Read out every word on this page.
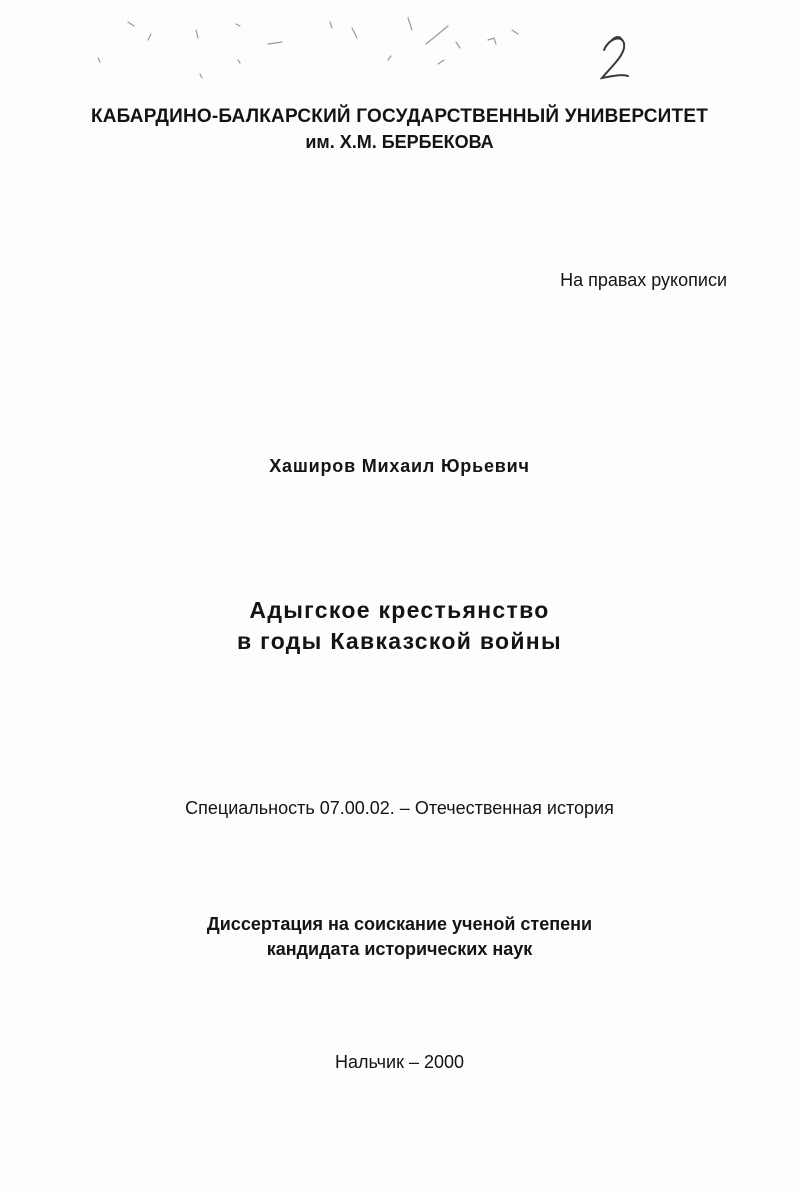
КАБАРДИНО-БАЛКАРСКИЙ ГОСУДАРСТВЕННЫЙ УНИВЕРСИТЕТ
им. Х.М. БЕРБЕКОВА
На правах рукописи
Хаширов Михаил Юрьевич
Адыгское крестьянство
в годы Кавказской войны
Специальность 07.00.02. – Отечественная история
Диссертация на соискание ученой степени
кандидата исторических наук
Нальчик – 2000
